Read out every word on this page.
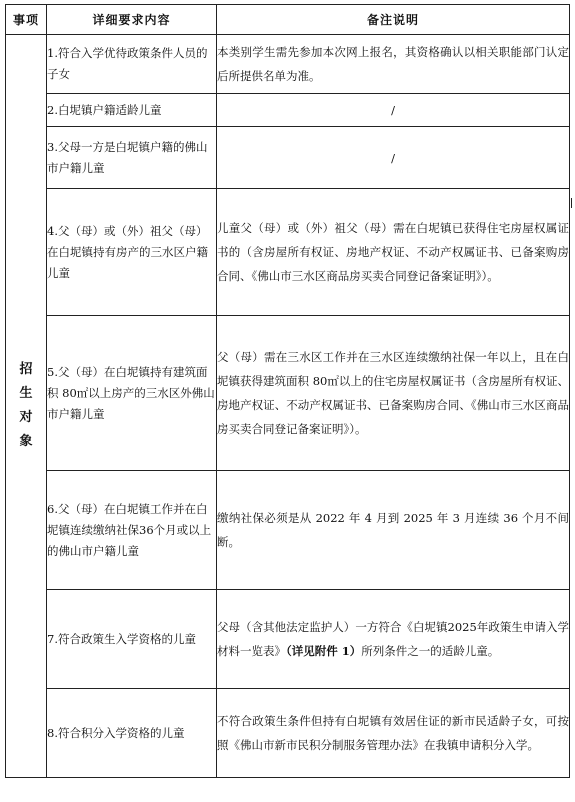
事项	详细要求内容	备注说明
招生对象	1.符合入学优待政策条件人员的子女	本类别学生需先参加本次网上报名，其资格确认以相关职能部门认定后所提供名单为准。
	2.白坭镇户籍适龄儿童	/
	3.父母一方是白坭镇户籍的佛山市户籍儿童	/
	4.父（母）或（外）祖父（母）在白坭镇持有房产的三水区户籍儿童	儿童父（母）或（外）祖父（母）需在白坭镇已获得住宅房屋权属证书的（含房屋所有权证、房地产权证、不动产权属证书、已备案购房合同、《佛山市三水区商品房买卖合同登记备案证明》）。
	5.父（母）在白坭镇持有建筑面积 80㎡以上房产的三水区外佛山市户籍儿童	父（母）需在三水区工作并在三水区连续缴纳社保一年以上，且在白坭镇获得建筑面积 80㎡以上的住宅房屋权属证书（含房屋所有权证、房地产权证、不动产权属证书、已备案购房合同、《佛山市三水区商品房买卖合同登记备案证明》）。
	6.父（母）在白坭镇工作并在白坭镇连续缴纳社保36个月或以上的佛山市户籍儿童	缴纳社保必须是从 2022 年 4 月到 2025 年 3 月连续 36 个月不间断。
	7.符合政策生入学资格的儿童	父母（含其他法定监护人）一方符合《白坭镇2025年政策生申请入学材料一览表》（详见附件 1）所列条件之一的适龄儿童。
	8.符合积分入学资格的儿童	不符合政策生条件但持有白坭镇有效居住证的新市民适龄子女，可按照《佛山市新市民积分制服务管理办法》在我镇申请积分入学。
